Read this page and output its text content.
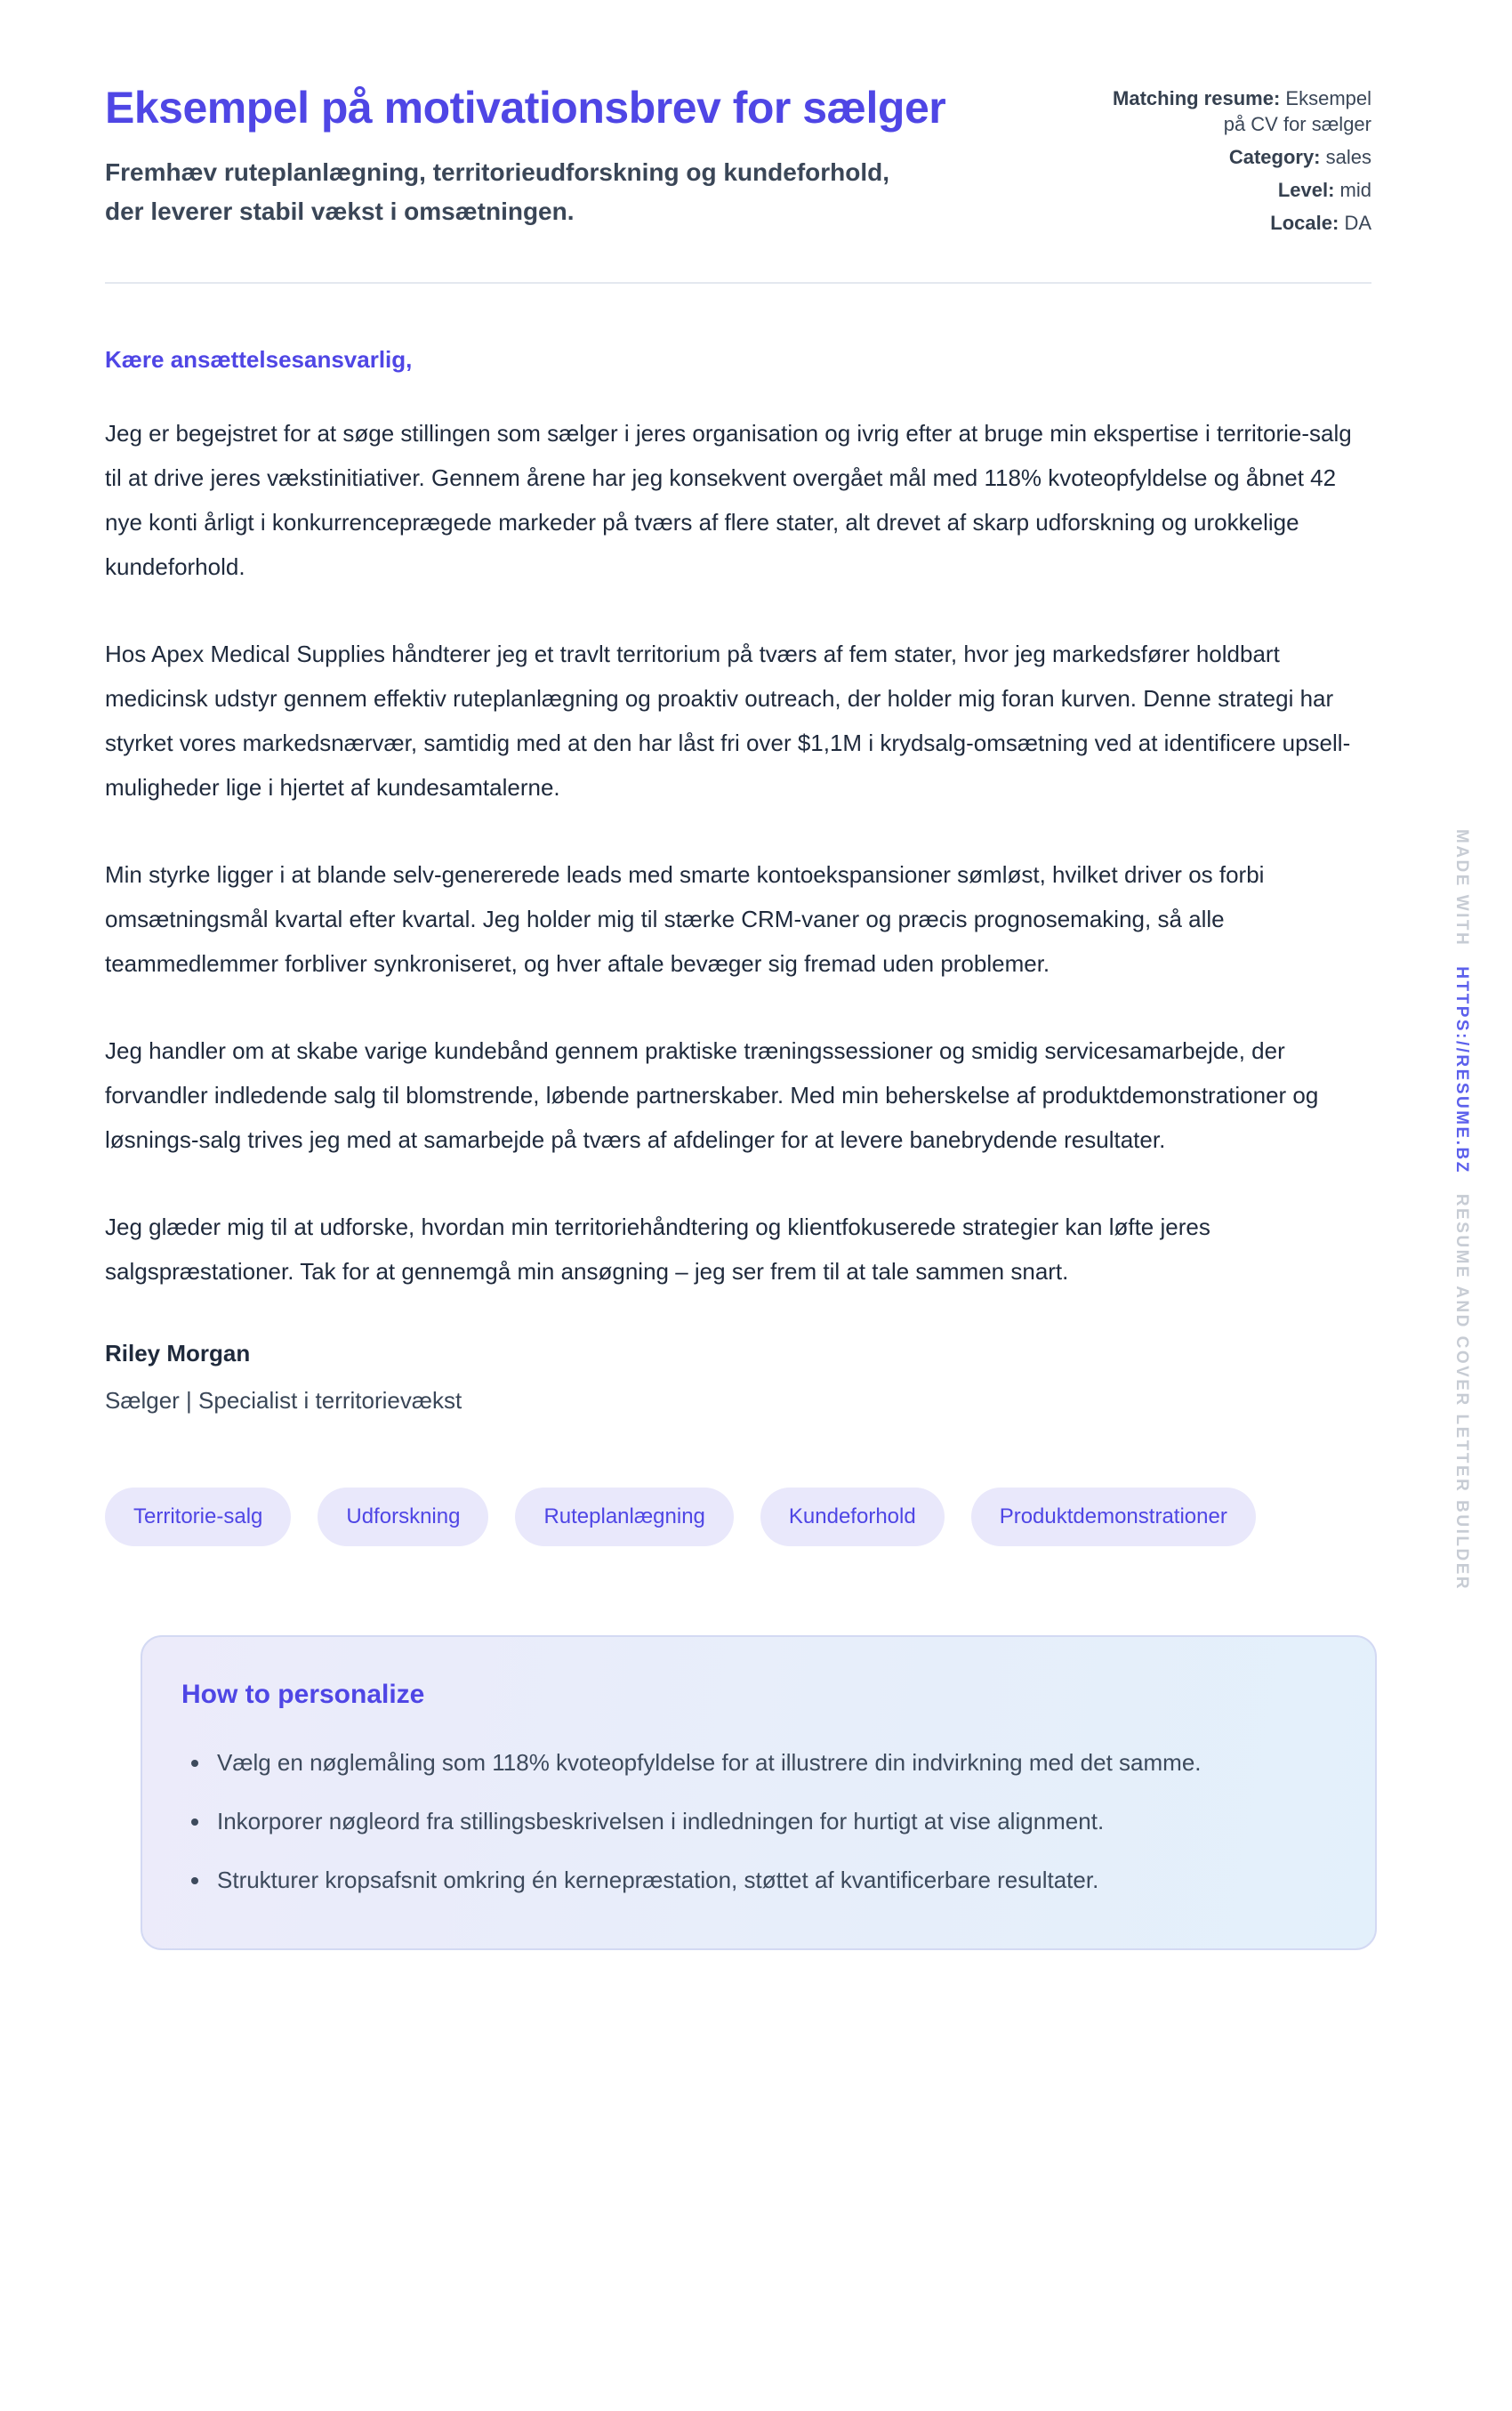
Eksempel på motivationsbrev for sælger

Fremhæv ruteplanlægning, territorieudforskning og kundeforhold, der leverer stabil vækst i omsætningen.

Matching resume: Eksempel på CV for sælger
Category: sales
Level: mid
Locale: DA

Kære ansættelsesansvarlig,

Jeg er begejstret for at søge stillingen som sælger i jeres organisation og ivrig efter at bruge min ekspertise i territorie-salg til at drive jeres vækstinitiativer. Gennem årene har jeg konsekvent overgået mål med 118% kvoteopfyldelse og åbnet 42 nye konti årligt i konkurrenceprægede markeder på tværs af flere stater, alt drevet af skarp udforskning og urokkelige kundeforhold.

Hos Apex Medical Supplies håndterer jeg et travlt territorium på tværs af fem stater, hvor jeg markedsfører holdbart medicinsk udstyr gennem effektiv ruteplanlægning og proaktiv outreach, der holder mig foran kurven. Denne strategi har styrket vores markedsnærvær, samtidig med at den har låst fri over $1,1M i krydsalg-omsætning ved at identificere upsell-muligheder lige i hjertet af kundesamtalerne.

Min styrke ligger i at blande selv-genererede leads med smarte kontoekspansioner sømløst, hvilket driver os forbi omsætningsmål kvartal efter kvartal. Jeg holder mig til stærke CRM-vaner og præcis prognosemaking, så alle teammedlemmer forbliver synkroniseret, og hver aftale bevæger sig fremad uden problemer.

Jeg handler om at skabe varige kundebånd gennem praktiske træningssessioner og smidig servicesamarbejde, der forvandler indledende salg til blomstrende, løbende partnerskaber. Med min beherskelse af produktdemonstrationer og løsnings-salg trives jeg med at samarbejde på tværs af afdelinger for at levere banebrydende resultater.

Jeg glæder mig til at udforske, hvordan min territoriehåndtering og klientfokuserede strategier kan løfte jeres salgspræstationer. Tak for at gennemgå min ansøgning – jeg ser frem til at tale sammen snart.

Riley Morgan

Sælger | Specialist i territorievækst

Territorie-salg	Udforskning	Ruteplanlægning	Kundeforhold	Produktdemonstrationer
How to personalize
• Vælg en nøglemåling som 118% kvoteopfyldelse for at illustrere din indvirkning med det samme.
• Inkorporer nøgleord fra stillingsbeskrivelsen i indledningen for hurtigt at vise alignment.
• Strukturer kropsafsnit omkring én kernepræstation, støttet af kvantificerbare resultater.
MADE WITHHTTPS://RESUME.BZRESUME AND COVER LETTER BUILDER
